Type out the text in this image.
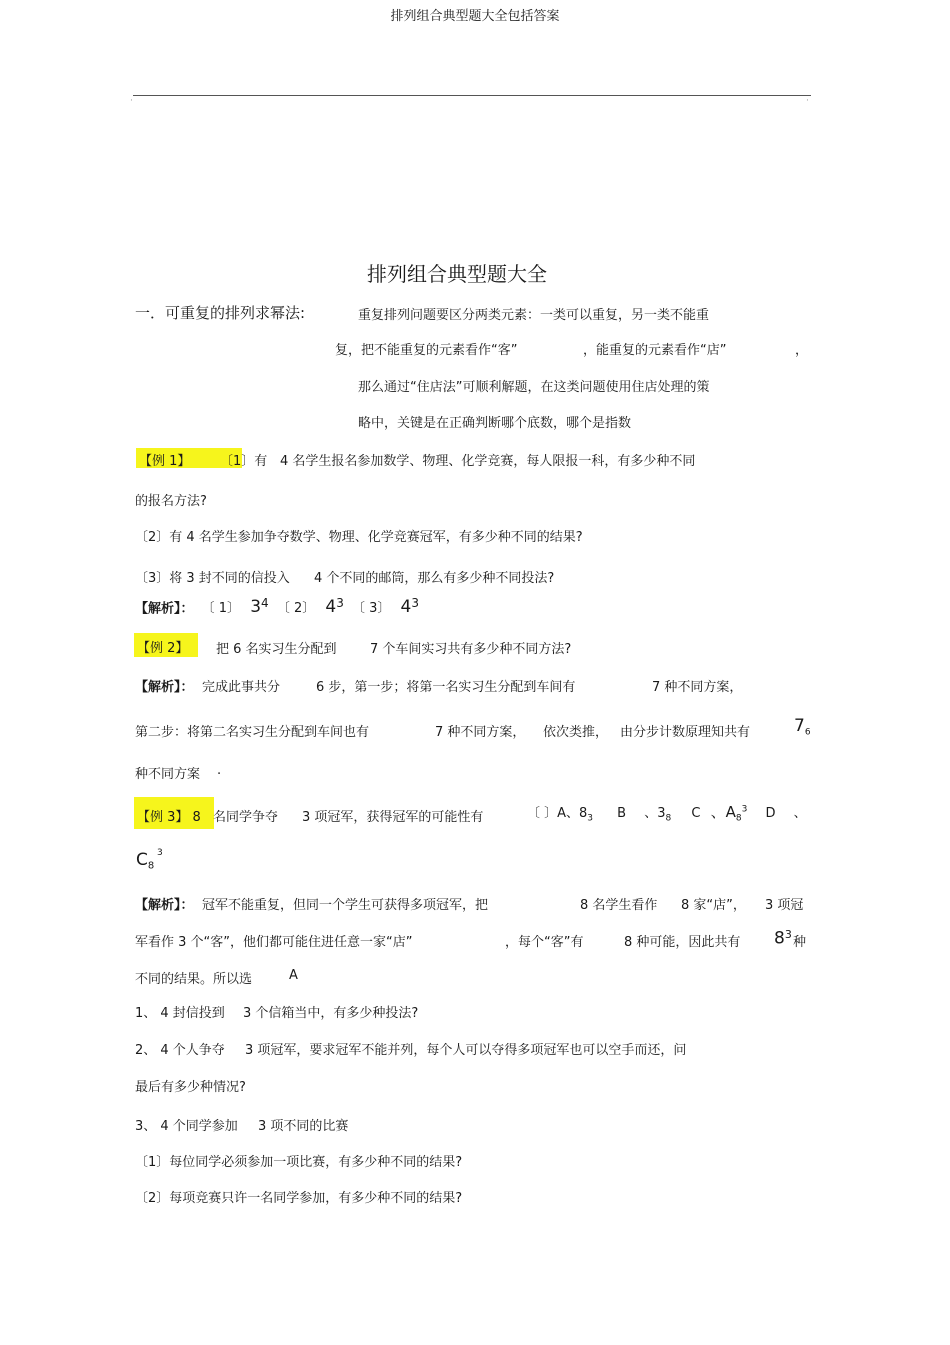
排列组合典型题大全包括答案
·	·
排列组合典型题大全
一．可重复的排列求幂法:	重复排列问题要区分两类元素：一类可以重复，另一类不能重
复，把不能重复的元素看作“客”	，能重复的元素看作“店”	，
那么通过“住店法”可顺利解题，在这类问题使用住店处理的策
略中，关键是在正确判断哪个底数，哪个是指数
【例 1】	〔1〕有 4 名学生报名参加数学、物理、化学竞赛，每人限报一科，有多少种不同
的报名方法?
〔2〕有 4 名学生参加争夺数学、物理、化学竞赛冠军，有多少种不同的结果?
〔3〕将 3 封不同的信投入 4 个不同的邮筒，那么有多少种不同投法?
【解析】： 〔 1〕 $3^4$ 〔 2〕 $4^3$ 〔 3〕 $4^3$
【例 2】	把 6 名实习生分配到	7 个车间实习共有多少种不同方法?
【解析】： 完成此事共分	6 步，第一步；将第一名实习生分配到车间有	7 种不同方案，
第二步：将第二名实习生分配到车间也有	7 种不同方案， 依次类推， 由分步计数原理知共有	$7_6$
种不同方案 .
【例 3】 8 名同学争夺 3 项冠军，获得冠军的可能性有	〔 〕A、$8_3$ B 、$3_8$ C 、$A_8^3$ D 、
$C_8$
3
【解析】： 冠军不能重复，但同一个学生可获得多项冠军，把	8 名学生看作 8 家“店”， 3 项冠
军看作 3 个“客”，他们都可能住进任意一家“店”	，每个“客”有	8 种可能，因此共有 $8^3$
种
不同的结果。所以选	A
1、 4 封信投到 3 个信箱当中，有多少种投法?
2、 4 个人争夺 3 项冠军，要求冠军不能并列，每个人可以夺得多项冠军也可以空手而还，问
最后有多少种情况?
3、 4 个同学参加 3 项不同的比赛
〔1〕每位同学必须参加一项比赛，有多少种不同的结果?
〔2〕每项竞赛只许一名同学参加，有多少种不同的结果?
